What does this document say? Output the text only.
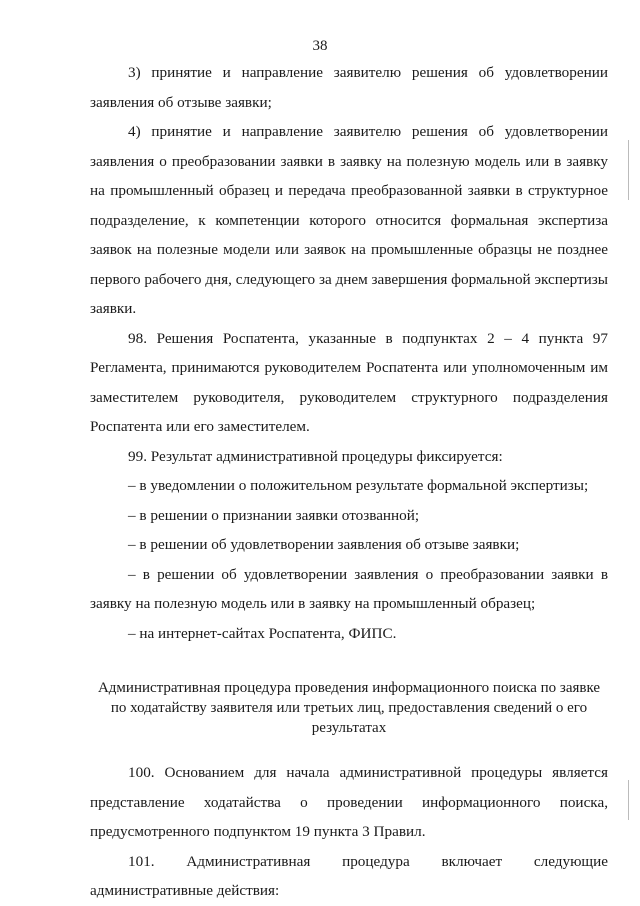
38

3) принятие и направление заявителю решения об удовлетворении заявления об отзыве заявки;

4) принятие и направление заявителю решения об удовлетворении заявления о преобразовании заявки в заявку на полезную модель или в заявку на промышленный образец и передача преобразованной заявки в структурное подразделение, к компетенции которого относится формальная экспертиза заявок на полезные модели или заявок на промышленные образцы не позднее первого рабочего дня, следующего за днем завершения формальной экспертизы заявки.

98. Решения Роспатента, указанные в подпунктах 2 – 4 пункта 97 Регламента, принимаются руководителем Роспатента или уполномоченным им заместителем руководителя, руководителем структурного подразделения Роспатента или его заместителем.

99. Результат административной процедуры фиксируется:

– в уведомлении о положительном результате формальной экспертизы;

– в решении о признании заявки отозванной;

– в решении об удовлетворении заявления об отзыве заявки;

– в решении об удовлетворении заявления о преобразовании заявки в заявку на полезную модель или в заявку на промышленный образец;

– на интернет-сайтах Роспатента, ФИПС.

Административная процедура проведения информационного поиска по заявке по ходатайству заявителя или третьих лиц, предоставления сведений о его результатах

100. Основанием для начала административной процедуры является представление ходатайства о проведении информационного поиска, предусмотренного подпунктом 19 пункта 3 Правил.

101. Административная процедура включает следующие административные действия:
